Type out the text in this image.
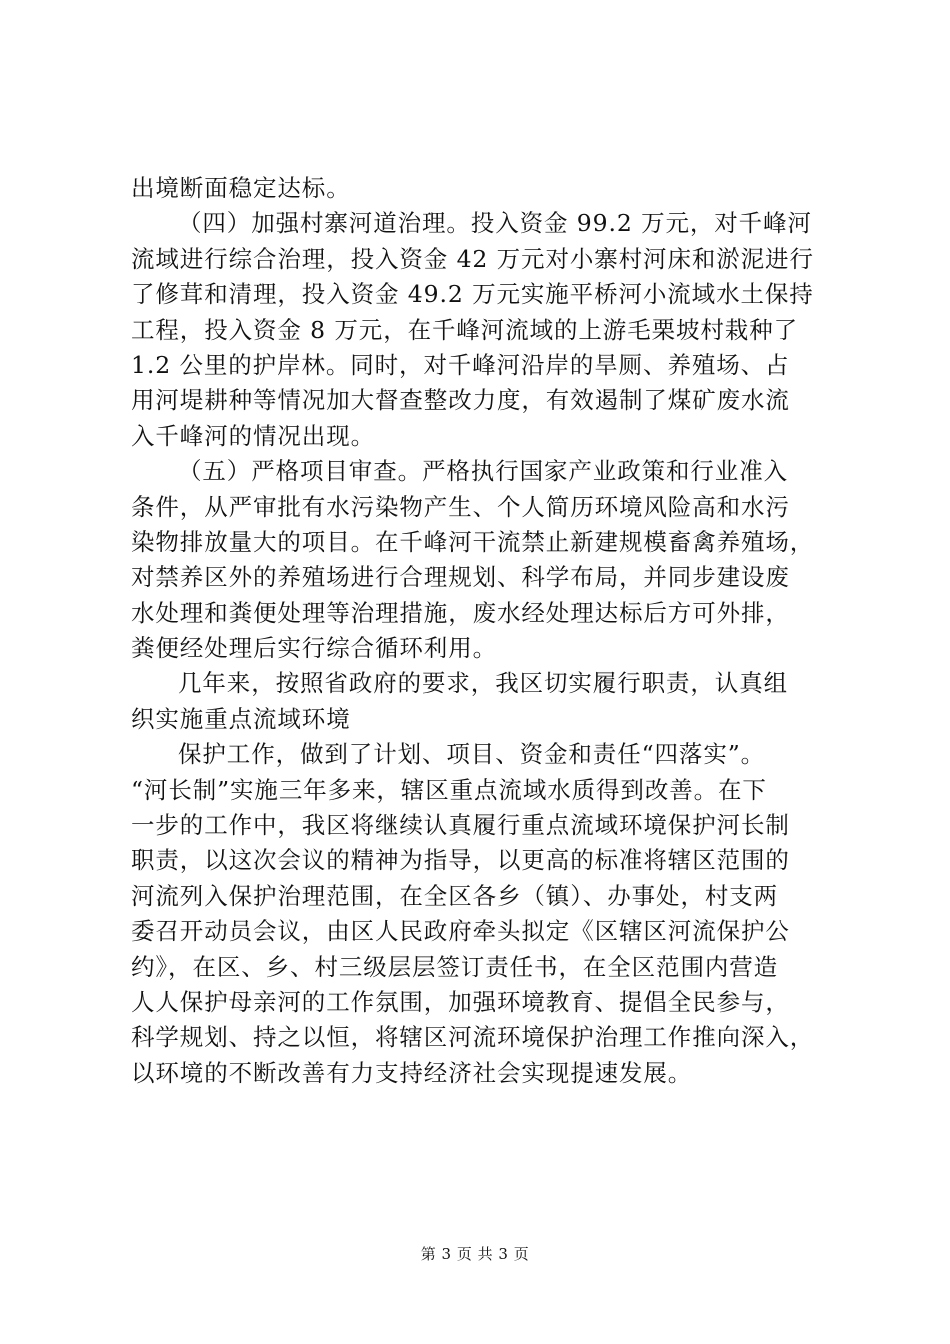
出境断面稳定达标。
（四）加强村寨河道治理。投入资金 99.2 万元，对千峰河
流域进行综合治理，投入资金 42 万元对小寨村河床和淤泥进行
了修茸和清理，投入资金 49.2 万元实施平桥河小流域水土保持
工程，投入资金 8 万元，在千峰河流域的上游毛栗坡村栽种了
1.2 公里的护岸林。同时，对千峰河沿岸的旱厕、养殖场、占
用河堤耕种等情况加大督查整改力度，有效遏制了煤矿废水流
入千峰河的情况出现。
（五）严格项目审查。严格执行国家产业政策和行业准入
条件，从严审批有水污染物产生、个人简历环境风险高和水污
染物排放量大的项目。在千峰河干流禁止新建规模畜禽养殖场，
对禁养区外的养殖场进行合理规划、科学布局，并同步建设废
水处理和粪便处理等治理措施，废水经处理达标后方可外排，
粪便经处理后实行综合循环利用。
几年来，按照省政府的要求，我区切实履行职责，认真组
织实施重点流域环境
保护工作，做到了计划、项目、资金和责任“四落实”。
“河长制”实施三年多来，辖区重点流域水质得到改善。在下
一步的工作中，我区将继续认真履行重点流域环境保护河长制
职责，以这次会议的精神为指导，以更高的标准将辖区范围的
河流列入保护治理范围，在全区各乡（镇）、办事处，村支两
委召开动员会议，由区人民政府牵头拟定《区辖区河流保护公
约》，在区、乡、村三级层层签订责任书，在全区范围内营造
人人保护母亲河的工作氛围，加强环境教育、提倡全民参与，
科学规划、持之以恒，将辖区河流环境保护治理工作推向深入，
以环境的不断改善有力支持经济社会实现提速发展。
第 3 页 共 3 页
